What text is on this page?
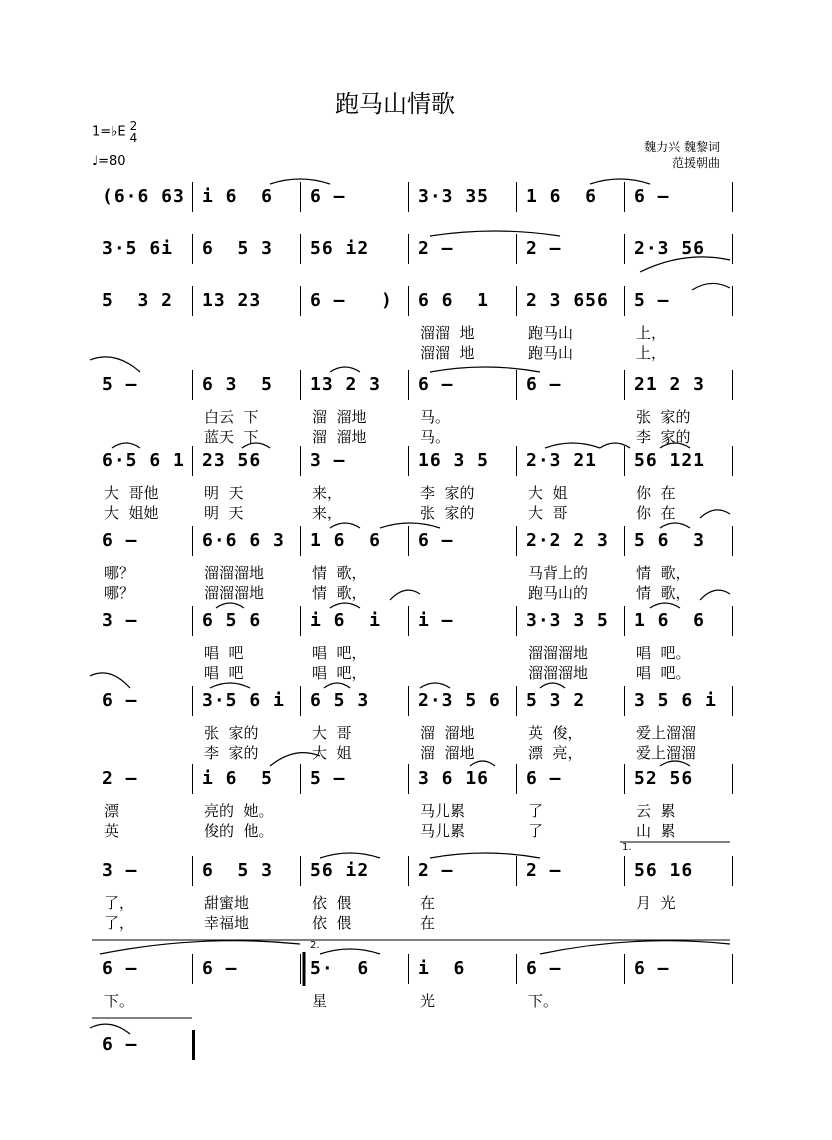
跑马山情歌
1=♭E 2
4
♩=80
魏力兴 魏黎词
范援朝曲
(6·6 63 i 6  6 6 –	3·3 35 1 6  6 6 –
3·5 6i 6  5 3 56 i2	2 –	2 –	2·3 56
5  3 2 13 23	6 –   ) 6 6  1 2 3 656 5 –
溜溜  地	跑马山	上，
溜溜  地	跑马山	上，
5 –	6 3  5 13 2 3 6 –	6 –	21 2 3
白云  下	溜  溜地	马。	张  家的
蓝天  下	溜  溜地	马。	李  家的
6·5 6 1 23 56	3 –	16 3 5 2·3 21 56 121
大  哥他	明  天	来，	李  家的	大  姐	你  在
大  姐她	明  天	来，	张  家的	大  哥	你  在
6 –	6·6 6 3 1 6  6 6 –	2·2 2 3 5 6  3
哪？	溜溜溜地	情  歌，	马背上的	情  歌，
哪？	溜溜溜地	情  歌，	跑马山的	情  歌，
3 –	6 5 6	i 6  i i –	3·3 3 5 1 6  6
唱  吧	唱  吧，	溜溜溜地	唱  吧。
唱  吧	唱  吧，	溜溜溜地	唱  吧。
6 –	3·5 6 i 6 5 3	2·3 5 6 5 3 2	3 5 6 i
张  家的	大  哥	溜  溜地	英  俊，	爱上溜溜
李  家的	大  姐	溜  溜地	漂  亮，	爱上溜溜
2 –	i 6  5 5 –	3 6 16 6 –	52 56
漂	亮的  她。	马儿累	了	云  累
英	俊的  他。	马儿累	了	山  累
3 –	6  5 3 56 i2	2 –	2 –	56 16
了，	甜蜜地	依  偎	在	月  光
了，	幸福地	依  偎	在
6 –	6 –	5·  6	i  6	6 –	6 –
下。	星	光	下。
6 –
1.
2.
